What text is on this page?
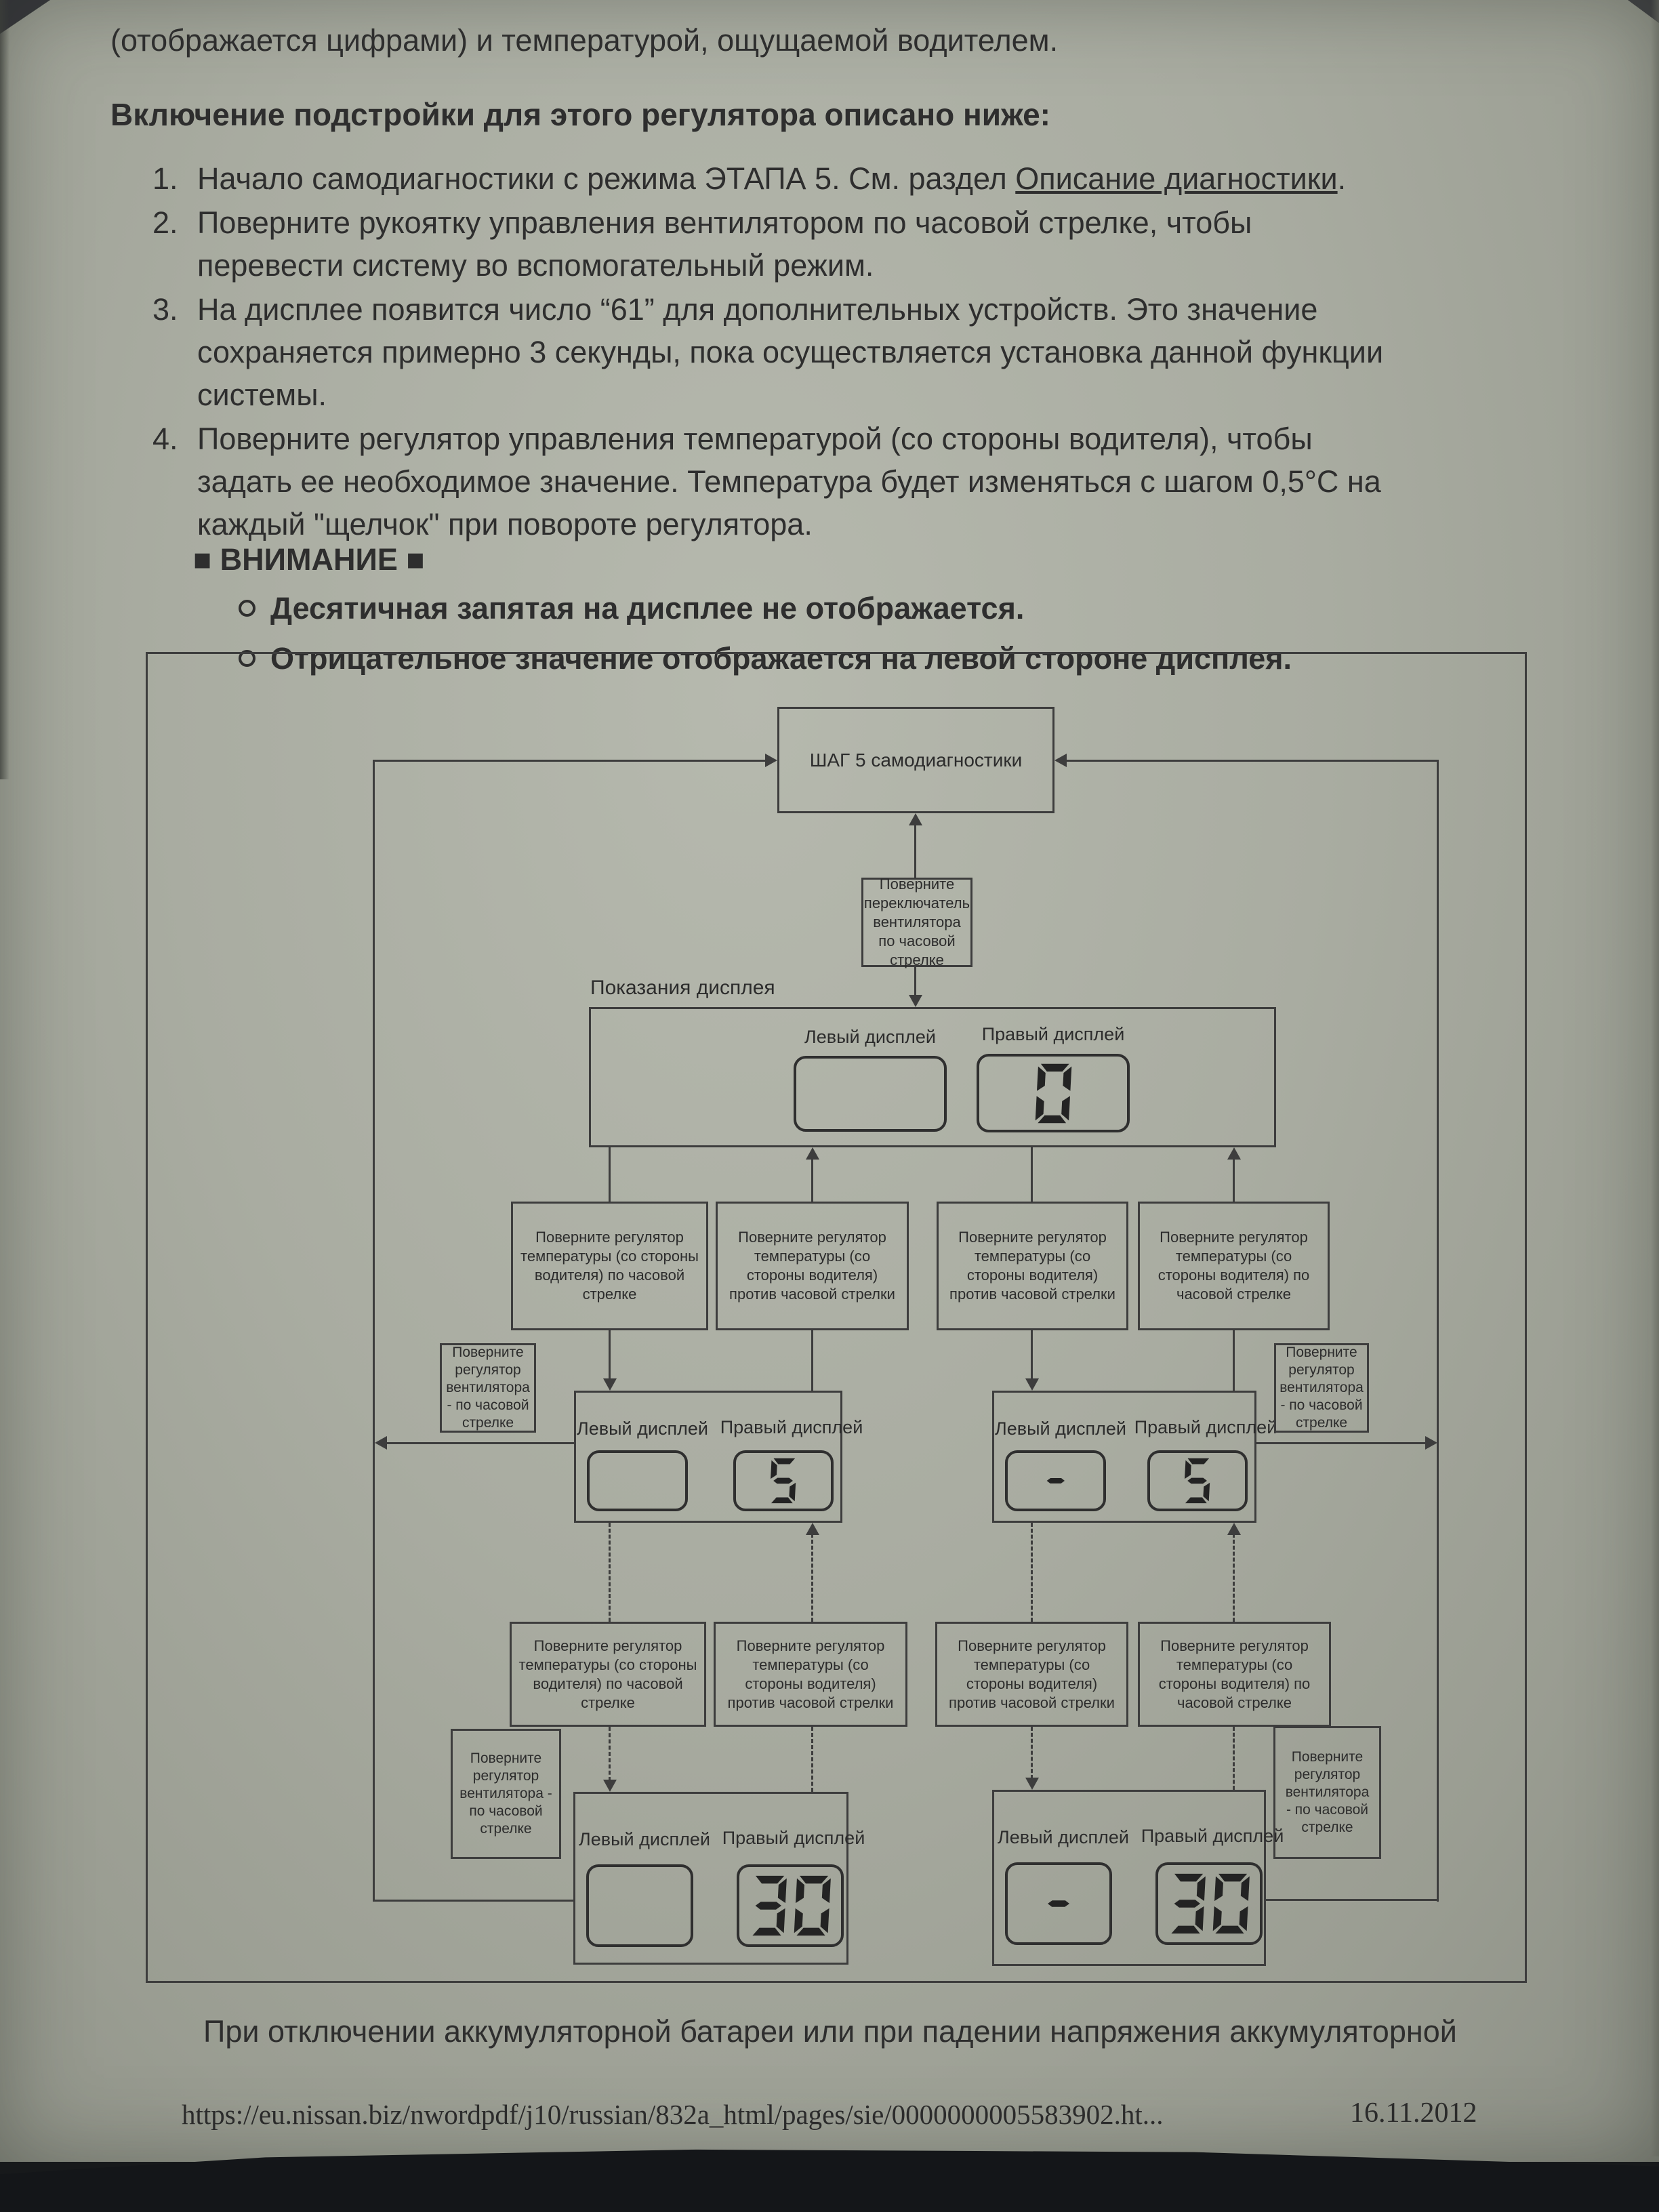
(отображается цифрами) и температурой, ощущаемой водителем.
Включение подстройки для этого регулятора описано ниже:
1. Начало самодиагностики с режима ЭТАПА 5. См. раздел Описание диагностики.
2. Поверните рукоятку управления вентилятором по часовой стрелке, чтобы
перевести систему во вспомогательный режим.
3. На дисплее появится число “61” для дополнительных устройств. Это значение
сохраняется примерно 3 секунды, пока осуществляется установка данной функции
системы.
4. Поверните регулятор управления температурой (со стороны водителя), чтобы
задать ее необходимое значение. Температура будет изменяться с шагом 0,5°C на
каждый "щелчок" при повороте регулятора.
■ ВНИМАНИЕ ■
Десятичная запятая на дисплее не отображается.
Отрицательное значение отображается на левой стороне дисплея.
ШАГ 5 самодиагностики
Поверните переключатель вентилятора по часовой стрелке
Показания дисплея
Левый дисплей	Правый дисплей
Поверните регулятор температуры (со стороны водителя) по часовой стрелке
Поверните регулятор температуры (со стороны водителя) против часовой стрелки
Поверните регулятор температуры (со стороны водителя) против часовой стрелки
Поверните регулятор температуры (со стороны водителя) по часовой стрелке
Левый дисплей Правый дисплей	Левый дисплей Правый дисплей
Поверните регулятор вентилятора - по часовой стрелке
Поверните регулятор вентилятора - по часовой стрелке
Поверните регулятор температуры (со стороны водителя) по часовой стрелке
Поверните регулятор температуры (со стороны водителя) против часовой стрелки
Поверните регулятор температуры (со стороны водителя) против часовой стрелки
Поверните регулятор температуры (со стороны водителя) по часовой стрелке
Поверните регулятор вентилятора - по часовой стрелке
Поверните регулятор вентилятора - по часовой стрелке
Левый дисплей Правый дисплей	Левый дисплей Правый дисплей
При отключении аккумуляторной батареи или при падении напряжения аккумуляторной
https://eu.nissan.biz/nwordpdf/j10/russian/832a_html/pages/sie/0000000005583902.ht...	16.11.2012
